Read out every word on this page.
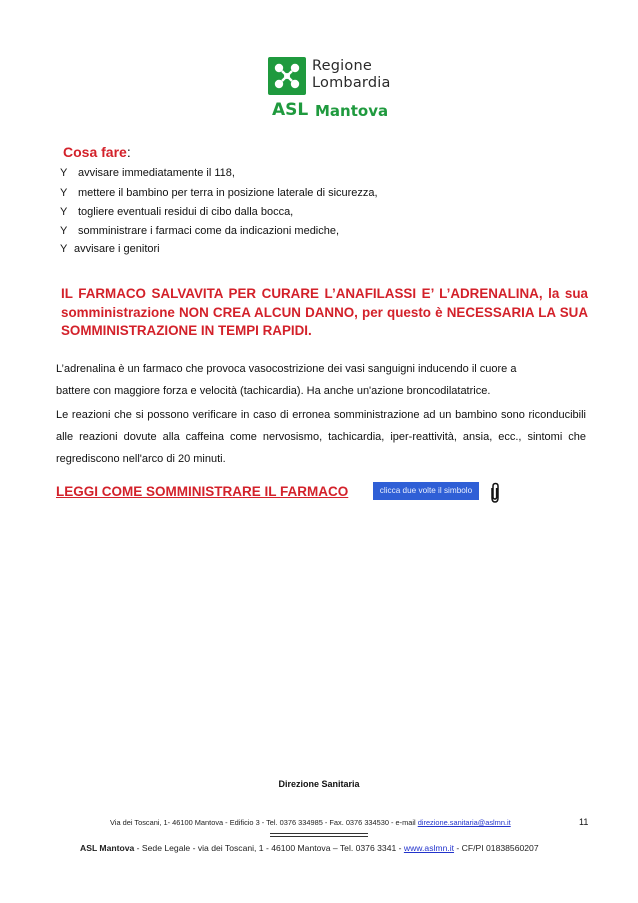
Regione
Lombardia
ASL Mantova
Cosa fare:
Y avvisare immediatamente il 118,
Y mettere il bambino per terra in posizione laterale di sicurezza,
Y togliere eventuali residui di cibo dalla bocca,
Y somministrare i farmaci come da indicazioni mediche,
Y avvisare i genitori
IL FARMACO SALVAVITA PER CURARE L’ANAFILASSI E’ L’ADRENALINA, la sua somministrazione NON CREA ALCUN DANNO, per questo è NECESSARIA LA SUA SOMMINISTRAZIONE IN TEMPI RAPIDI.
L’adrenalina è un farmaco che provoca vasocostrizione dei vasi sanguigni inducendo il cuore a
battere con maggiore forza e velocità (tachicardia). Ha anche un'azione broncodilatatrice.
Le reazioni che si possono verificare in caso di erronea somministrazione ad un bambino sono riconducibili alle reazioni dovute alla caffeina come nervosismo, tachicardia, iper-reattività, ansia, ecc., sintomi che regrediscono nell'arco di 20 minuti.
LEGGI COME SOMMINISTRARE IL FARMACO	clicca due volte il simbolo
Direzione Sanitaria
Via dei Toscani, 1- 46100 Mantova - Edificio 3 - Tel. 0376 334985 - Fax. 0376 334530 - e-mail direzione.sanitaria@aslmn.it	11
ASL Mantova - Sede Legale - via dei Toscani, 1 - 46100 Mantova – Tel. 0376 3341 - www.aslmn.it - CF/PI 01838560207
